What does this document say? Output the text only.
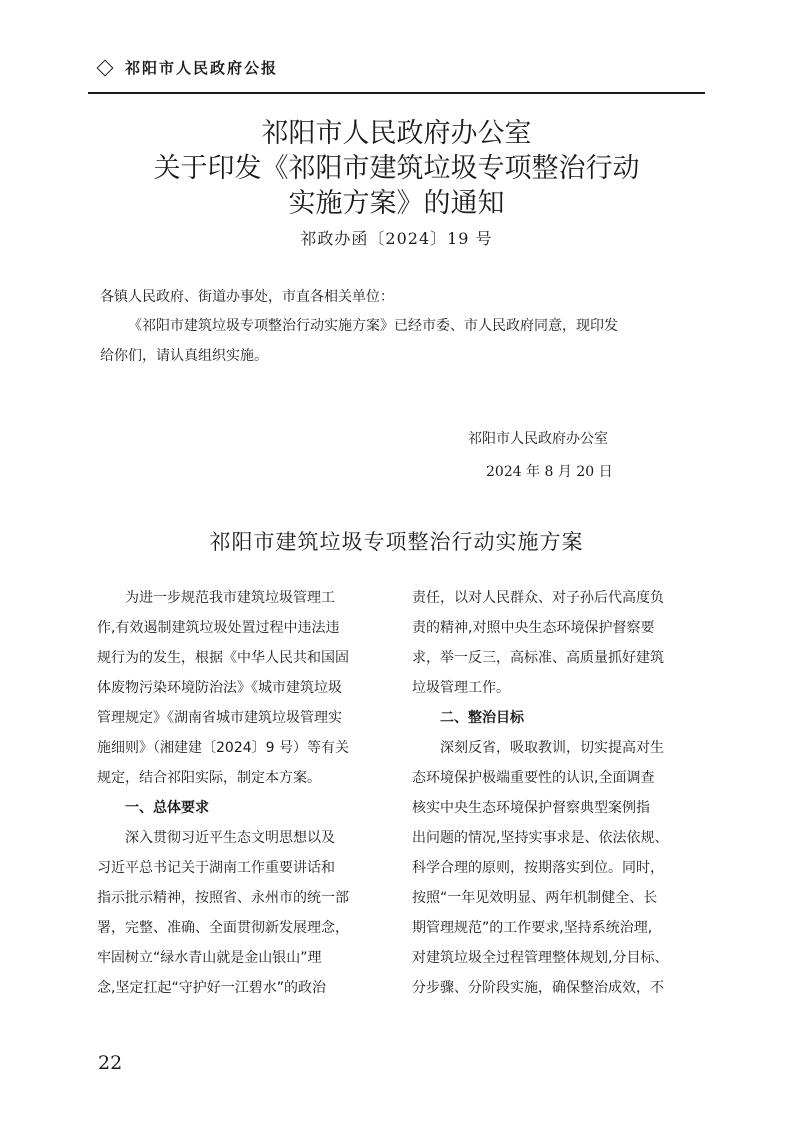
祁阳市人民政府公报
祁阳市人民政府办公室
关于印发《祁阳市建筑垃圾专项整治行动
实施方案》的通知
祁政办函〔2024〕19 号
各镇人民政府、街道办事处，市直各相关单位：
《祁阳市建筑垃圾专项整治行动实施方案》已经市委、市人民政府同意，现印发
给你们，请认真组织实施。
祁阳市人民政府办公室
2024 年 8 月 20 日
祁阳市建筑垃圾专项整治行动实施方案
为进一步规范我市建筑垃圾管理工
作,有效遏制建筑垃圾处置过程中违法违
规行为的发生，根据《中华人民共和国固
体废物污染环境防治法》《城市建筑垃圾
管理规定》《湖南省城市建筑垃圾管理实
施细则》（湘建建〔2024〕9 号）等有关
规定，结合祁阳实际，制定本方案。
一、总体要求
深入贯彻习近平生态文明思想以及
习近平总书记关于湖南工作重要讲话和
指示批示精神，按照省、永州市的统一部
署，完整、准确、全面贯彻新发展理念，
牢固树立“绿水青山就是金山银山”理
念,坚定扛起“守护好一江碧水”的政治
责任，以对人民群众、对子孙后代高度负
责的精神,对照中央生态环境保护督察要
求，举一反三，高标准、高质量抓好建筑
垃圾管理工作。
二、整治目标
深刻反省，吸取教训，切实提高对生
态环境保护极端重要性的认识,全面调查
核实中央生态环境保护督察典型案例指
出问题的情况,坚持实事求是、依法依规、
科学合理的原则，按期落实到位。同时，
按照“一年见效明显、两年机制健全、长
期管理规范”的工作要求,坚持系统治理,
对建筑垃圾全过程管理整体规划,分目标、
分步骤、分阶段实施，确保整治成效，不
22
